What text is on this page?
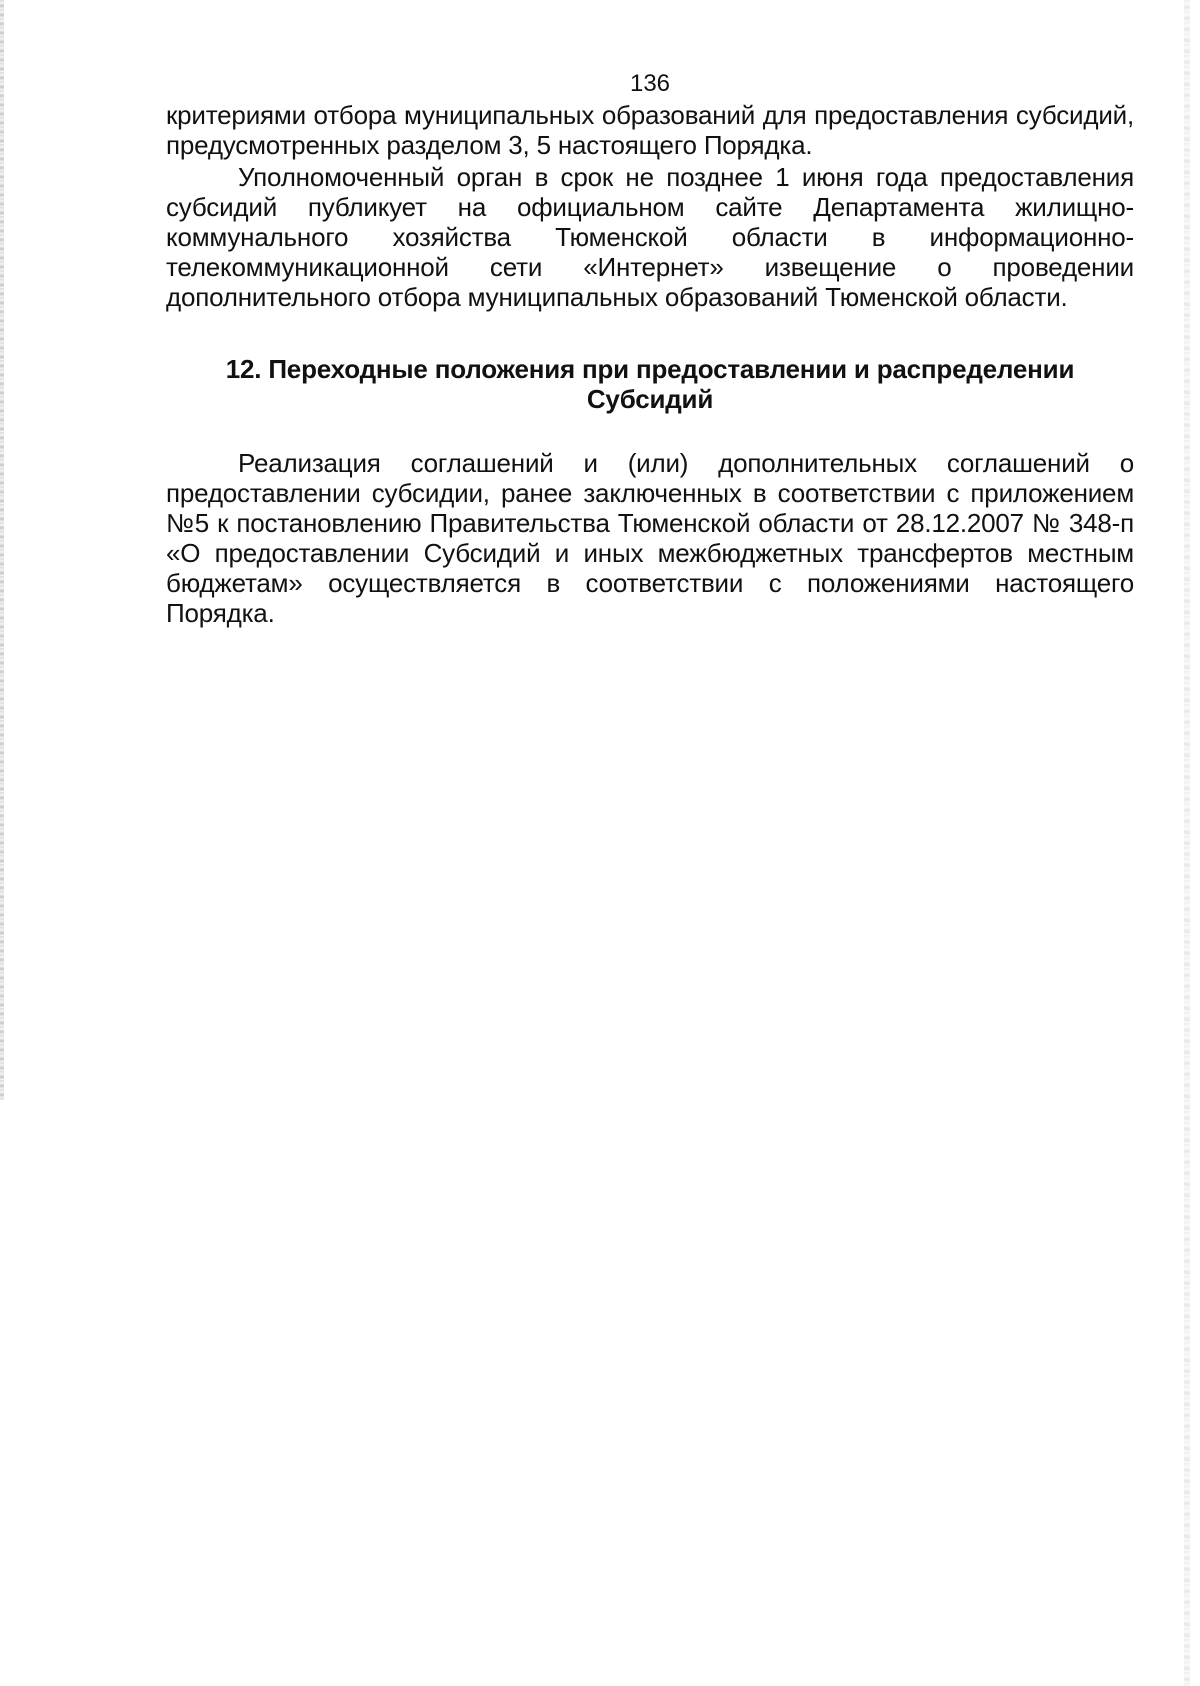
136

критериями отбора муниципальных образований для предоставления субсидий, предусмотренных разделом 3, 5 настоящего Порядка.

Уполномоченный орган в срок не позднее 1 июня года предоставления субсидий публикует на официальном сайте Департамента жилищно-коммунального хозяйства Тюменской области в информационно-телекоммуникационной сети «Интернет» извещение о проведении дополнительного отбора муниципальных образований Тюменской области.

12. Переходные положения при предоставлении и распределении
Субсидий

Реализация соглашений и (или) дополнительных соглашений о предоставлении субсидии, ранее заключенных в соответствии с приложением №5 к постановлению Правительства Тюменской области от 28.12.2007 № 348-п «О предоставлении Субсидий и иных межбюджетных трансфертов местным бюджетам» осуществляется в соответствии с положениями настоящего Порядка.
